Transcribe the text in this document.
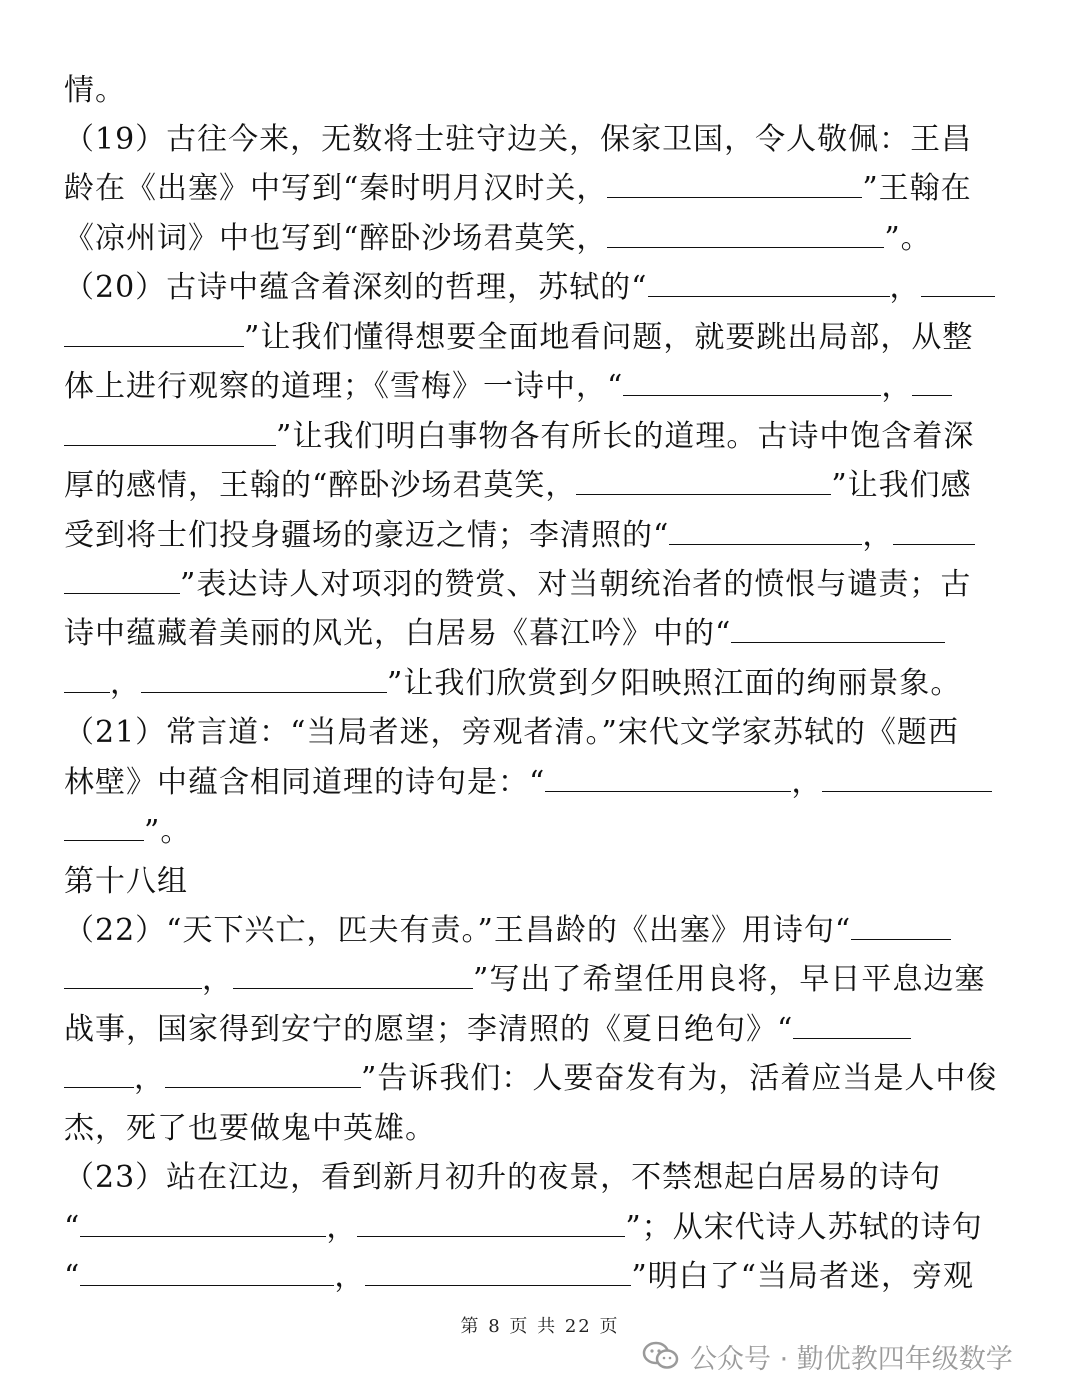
情。
（19）古往今来，无数将士驻守边关，保家卫国，令人敬佩：王昌
龄在《出塞》中写到“秦时明月汉时关，	”王翰在
《凉州词》中也写到“醉卧沙场君莫笑，	”。
（20）古诗中蕴含着深刻的哲理，苏轼的“	，
”让我们懂得想要全面地看问题，就要跳出局部，从整
体上进行观察的道理；《雪梅》一诗中，“	，
”让我们明白事物各有所长的道理。古诗中饱含着深
厚的感情，王翰的“醉卧沙场君莫笑，	”让我们感
受到将士们投身疆场的豪迈之情；李清照的“	，
”表达诗人对项羽的赞赏、对当朝统治者的愤恨与谴责；古
诗中蕴藏着美丽的风光，白居易《暮江吟》中的“
，	”让我们欣赏到夕阳映照江面的绚丽景象。
（21）常言道：“当局者迷，旁观者清。”宋代文学家苏轼的《题西
林壁》中蕴含相同道理的诗句是：“	，
”。
第十八组
（22）“天下兴亡，匹夫有责。”王昌龄的《出塞》用诗句“
，	”写出了希望任用良将，早日平息边塞
战事，国家得到安宁的愿望；李清照的《夏日绝句》“
，	”告诉我们：人要奋发有为，活着应当是人中俊
杰，死了也要做鬼中英雄。
（23）站在江边，看到新月初升的夜景，不禁想起白居易的诗句
“	，	”；从宋代诗人苏轼的诗句
“	，	”明白了“当局者迷，旁观
第 8 页 共 22 页
公众号 · 勤优教四年级数学
